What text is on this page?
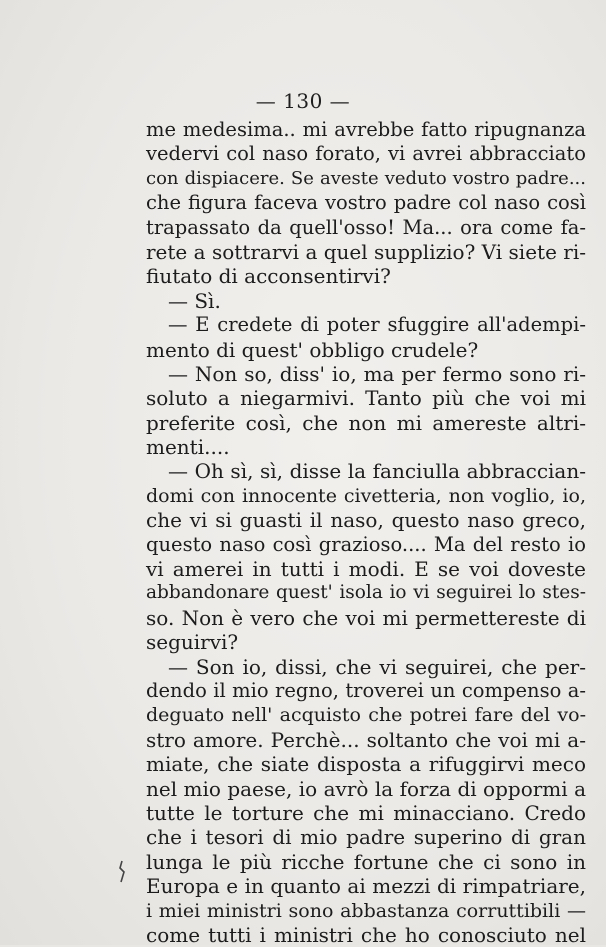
— 130 —
me medesima.. mi avrebbe fatto ripugnanza
vedervi col naso forato, vi avrei abbracciato
con dispiacere. Se aveste veduto vostro padre...
che figura faceva vostro padre col naso così
trapassato da quell'osso! Ma... ora come fa-
rete a sottrarvi a quel supplizio? Vi siete ri-
fiutato di acconsentirvi?
— Sì.
— E credete di poter sfuggire all'adempi-
mento di quest' obbligo crudele?
— Non so, diss' io, ma per fermo sono ri-
soluto a niegarmivi. Tanto più che voi mi
preferite così, che non mi amereste altri-
menti....
— Oh sì, sì, disse la fanciulla abbraccian-
domi con innocente civetteria, non voglio, io,
che vi si guasti il naso, questo naso greco,
questo naso così grazioso.... Ma del resto io
vi amerei in tutti i modi. E se voi doveste
abbandonare quest' isola io vi seguirei lo stes-
so. Non è vero che voi mi permettereste di
seguirvi?
— Son io, dissi, che vi seguirei, che per-
dendo il mio regno, troverei un compenso a-
deguato nell' acquisto che potrei fare del vo-
stro amore. Perchè... soltanto che voi mi a-
miate, che siate disposta a rifuggirvi meco
nel mio paese, io avrò la forza di oppormi a
tutte le torture che mi minacciano. Credo
che i tesori di mio padre superino di gran
lunga le più ricche fortune che ci sono in
Europa e in quanto ai mezzi di rimpatriare,
i miei ministri sono abbastanza corruttibili —
come tutti i ministri che ho conosciuto nel
